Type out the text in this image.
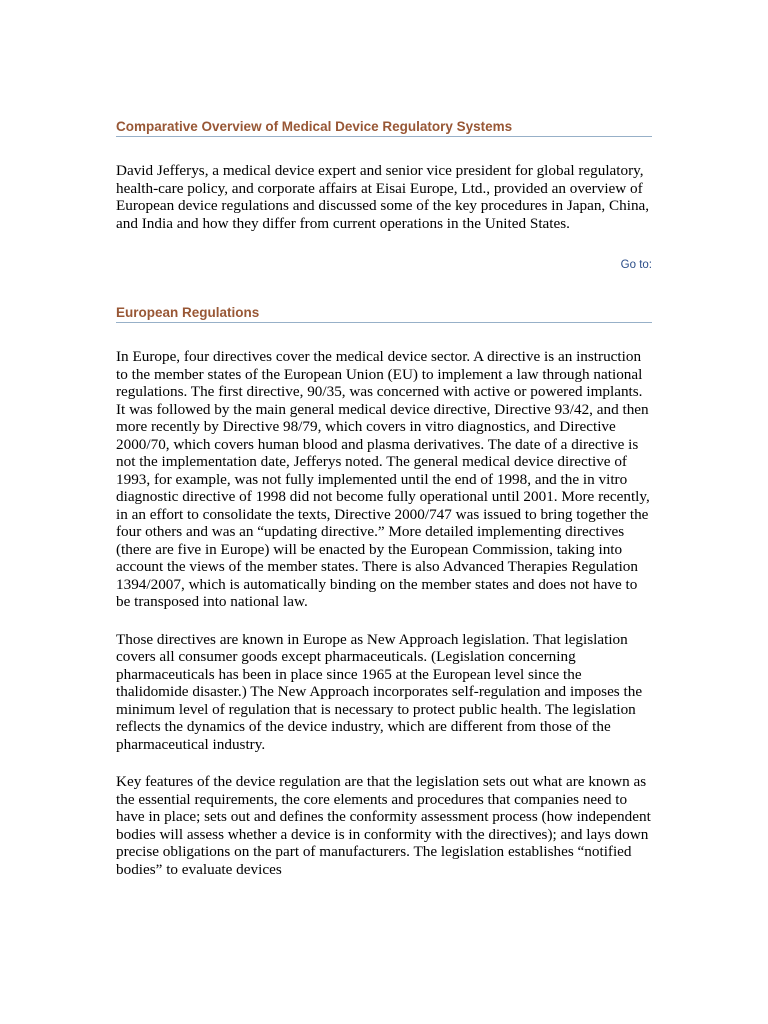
Comparative Overview of Medical Device Regulatory Systems

David Jefferys, a medical device expert and senior vice president for global regulatory, health-care policy, and corporate affairs at Eisai Europe, Ltd., provided an overview of European device regulations and discussed some of the key procedures in Japan, China, and India and how they differ from current operations in the United States.

Go to:

European Regulations

In Europe, four directives cover the medical device sector. A directive is an instruction to the member states of the European Union (EU) to implement a law through national regulations. The first directive, 90/35, was concerned with active or powered implants. It was followed by the main general medical device directive, Directive 93/42, and then more recently by Directive 98/79, which covers in vitro diagnostics, and Directive 2000/70, which covers human blood and plasma derivatives. The date of a directive is not the implementation date, Jefferys noted. The general medical device directive of 1993, for example, was not fully implemented until the end of 1998, and the in vitro diagnostic directive of 1998 did not become fully operational until 2001. More recently, in an effort to consolidate the texts, Directive 2000/747 was issued to bring together the four others and was an “updating directive.” More detailed implementing directives (there are five in Europe) will be enacted by the European Commission, taking into account the views of the member states. There is also Advanced Therapies Regulation 1394/2007, which is automatically binding on the member states and does not have to be transposed into national law.

Those directives are known in Europe as New Approach legislation. That legislation covers all consumer goods except pharmaceuticals. (Legislation concerning pharmaceuticals has been in place since 1965 at the European level since the thalidomide disaster.) The New Approach incorporates self-regulation and imposes the minimum level of regulation that is necessary to protect public health. The legislation reflects the dynamics of the device industry, which are different from those of the pharmaceutical industry.

Key features of the device regulation are that the legislation sets out what are known as the essential requirements, the core elements and procedures that companies need to have in place; sets out and defines the conformity assessment process (how independent bodies will assess whether a device is in conformity with the directives); and lays down precise obligations on the part of manufacturers. The legislation establishes “notified bodies” to evaluate devices
